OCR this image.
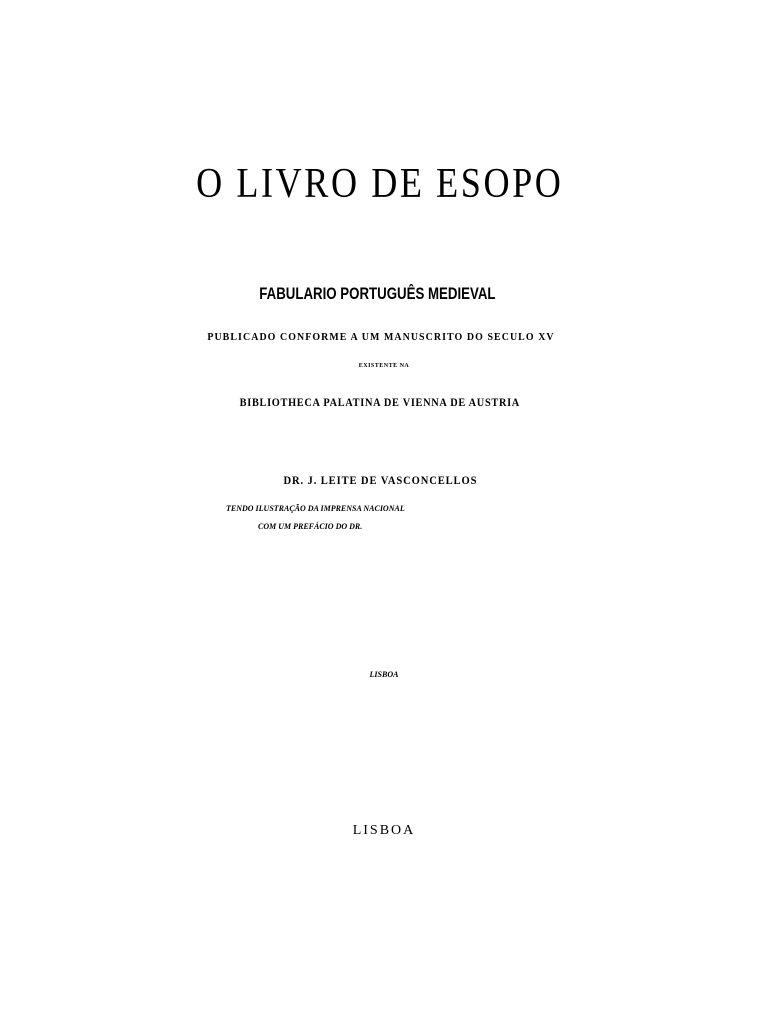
O LIVRO DE ESOPO
FABULARIO PORTUGUÊS MEDIEVAL
PUBLICADO CONFORME A UM MANUSCRITO DO SECULO XV
EXISTENTE NA
BIBLIOTHECA PALATINA DE VIENNA DE AUSTRIA
DR. J. LEITE DE VASCONCELLOS
TENDO ILUSTRAÇÃO DA IMPRENSA NACIONAL
COM UM PREFÁCIO DO DR.
LISBOA
LISBOA
